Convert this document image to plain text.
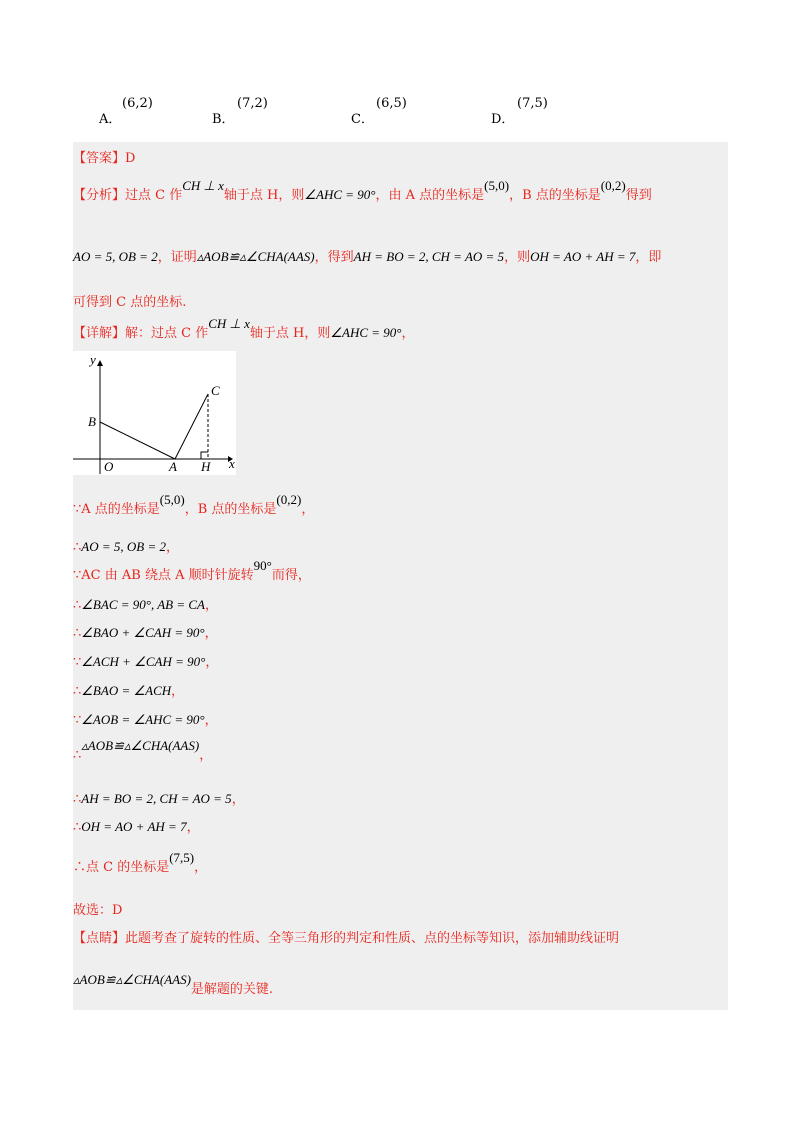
A．
(6,2)
B．
(7,2)
C．
(6,5)
D．
(7,5)
【答案】D
【分析】过点 C 作CH ⊥ x轴于点 H，则∠AHC = 90°，由 A 点的坐标是(5,0)，B 点的坐标是(0,2)得到
AO = 5, OB = 2，证明▵AOB≌▵∠CHA(AAS)，得到AH = BO = 2, CH = AO = 5，则OH = AO + AH = 7，即
可得到 C 点的坐标.
【详解】解：过点 C 作CH ⊥ x轴于点 H，则∠AHC = 90°，
y
x
B
C
O	A H
∵A 点的坐标是(5,0)，B 点的坐标是(0,2)，
∴AO = 5, OB = 2，
∵AC 由 AB 绕点 A 顺时针旋转90°而得，
∴∠BAC = 90°, AB = CA，
∴∠BAO + ∠CAH = 90°，
∵∠ACH + ∠CAH = 90°，
∴∠BAO = ∠ACH，
∵∠AOB = ∠AHC = 90°，
∴▵AOB≌▵∠CHA(AAS)，
∴AH = BO = 2, CH = AO = 5，
∴OH = AO + AH = 7，
∴点 C 的坐标是(7,5)，
故选：D
【点睛】此题考查了旋转的性质、全等三角形的判定和性质、点的坐标等知识，添加辅助线证明
▵AOB≌▵∠CHA(AAS)是解题的关键.
